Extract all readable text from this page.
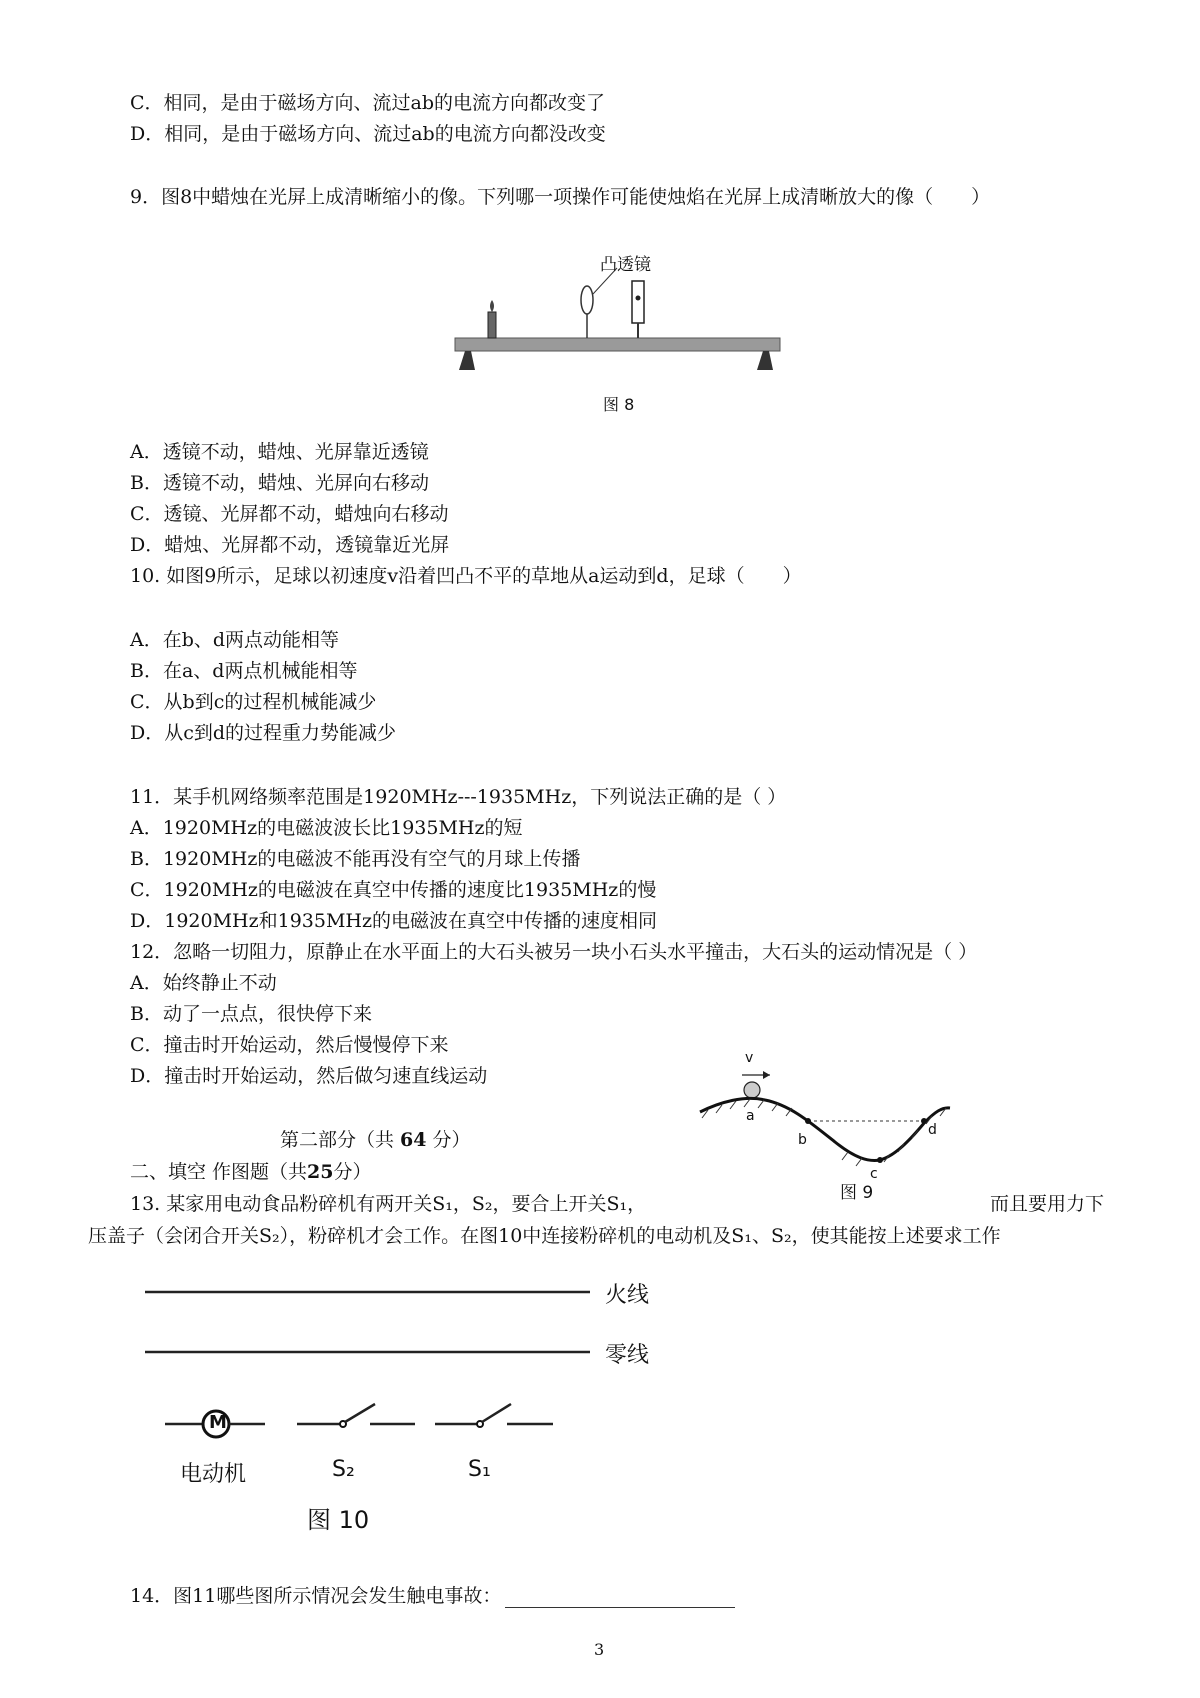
C．相同，是由于磁场方向、流过ab的电流方向都改变了
D．相同，是由于磁场方向、流过ab的电流方向都没改变
9．图8中蜡烛在光屏上成清晰缩小的像。下列哪一项操作可能使烛焰在光屏上成清晰放大的像（　　）
凸透镜
图 8
A．透镜不动，蜡烛、光屏靠近透镜
B．透镜不动，蜡烛、光屏向右移动
C．透镜、光屏都不动，蜡烛向右移动
D．蜡烛、光屏都不动，透镜靠近光屏
10. 如图9所示，足球以初速度v沿着凹凸不平的草地从a运动到d，足球（　　）
A．在b、d两点动能相等
B．在a、d两点机械能相等
C．从b到c的过程机械能减少
D．从c到d的过程重力势能减少
11．某手机网络频率范围是1920MHz---1935MHz，下列说法正确的是（ ）
A．1920MHz的电磁波波长比1935MHz的短
B．1920MHz的电磁波不能再没有空气的月球上传播
C．1920MHz的电磁波在真空中传播的速度比1935MHz的慢
D．1920MHz和1935MHz的电磁波在真空中传播的速度相同
12．忽略一切阻力，原静止在水平面上的大石头被另一块小石头水平撞击，大石头的运动情况是（ ）
A．始终静止不动
B．动了一点点，很快停下来
C．撞击时开始运动，然后慢慢停下来
D．撞击时开始运动，然后做匀速直线运动
v
a
b
c
d
图 9
第二部分（共 64 分）
二、填空 作图题（共25分）
13. 某家用电动食品粉碎机有两开关S₁，S₂，要合上开关S₁，	而且要用力下
压盖子（会闭合开关S₂），粉碎机才会工作。在图10中连接粉碎机的电动机及S₁、S₂，使其能按上述要求工作
火线
零线
M
电动机	S₂	S₁
图 10
14．图11哪些图所示情况会发生触电事故：
3
